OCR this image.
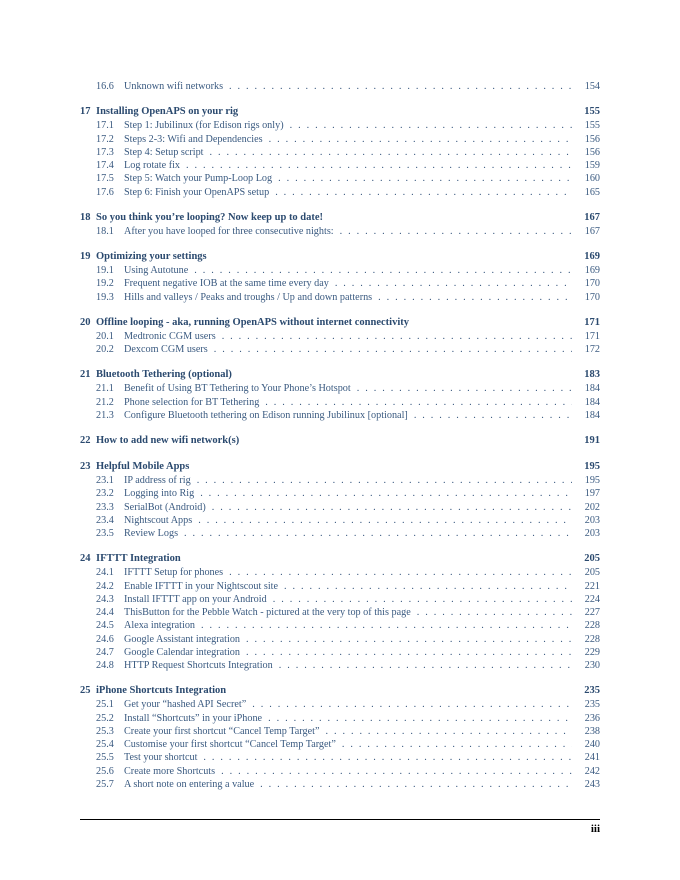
16.6 Unknown wifi networks . . .	154
17 Installing OpenAPS on your rig	155
17.1 Step 1: Jubilinux (for Edison rigs only) . . .	155
17.2 Steps 2-3: Wifi and Dependencies . . .	156
17.3 Step 4: Setup script . . .	156
17.4 Log rotate fix . . .	159
17.5 Step 5: Watch your Pump-Loop Log . . .	160
17.6 Step 6: Finish your OpenAPS setup . . .	165
18 So you think you’re looping? Now keep up to date!	167
18.1 After you have looped for three consecutive nights: . . .	167
19 Optimizing your settings	169
19.1 Using Autotune . . .	169
19.2 Frequent negative IOB at the same time every day . . .	170
19.3 Hills and valleys / Peaks and troughs / Up and down patterns . . .	170
20 Offline looping - aka, running OpenAPS without internet connectivity	171
20.1 Medtronic CGM users . . .	171
20.2 Dexcom CGM users . . .	172
21 Bluetooth Tethering (optional)	183
21.1 Benefit of Using BT Tethering to Your Phone’s Hotspot . . .	184
21.2 Phone selection for BT Tethering . . .	184
21.3 Configure Bluetooth tethering on Edison running Jubilinux [optional] . . .	184
22 How to add new wifi network(s)	191
23 Helpful Mobile Apps	195
23.1 IP address of rig . . .	195
23.2 Logging into Rig . . .	197
23.3 SerialBot (Android) . . .	202
23.4 Nightscout Apps . . .	203
23.5 Review Logs . . .	203
24 IFTTT Integration	205
24.1 IFTTT Setup for phones . . .	205
24.2 Enable IFTTT in your Nightscout site . . .	221
24.3 Install IFTTT app on your Android . . .	224
24.4 ThisButton for the Pebble Watch - pictured at the very top of this page . . .	227
24.5 Alexa integration . . .	228
24.6 Google Assistant integration . . .	228
24.7 Google Calendar integration . . .	229
24.8 HTTP Request Shortcuts Integration . . .	230
25 iPhone Shortcuts Integration	235
25.1 Get your “hashed API Secret” . . .	235
25.2 Install “Shortcuts” in your iPhone . . .	236
25.3 Create your first shortcut “Cancel Temp Target” . . .	238
25.4 Customise your first shortcut “Cancel Temp Target” . . .	240
25.5 Test your shortcut . . .	241
25.6 Create more Shortcuts . . .	242
25.7 A short note on entering a value . . .	243
iii
